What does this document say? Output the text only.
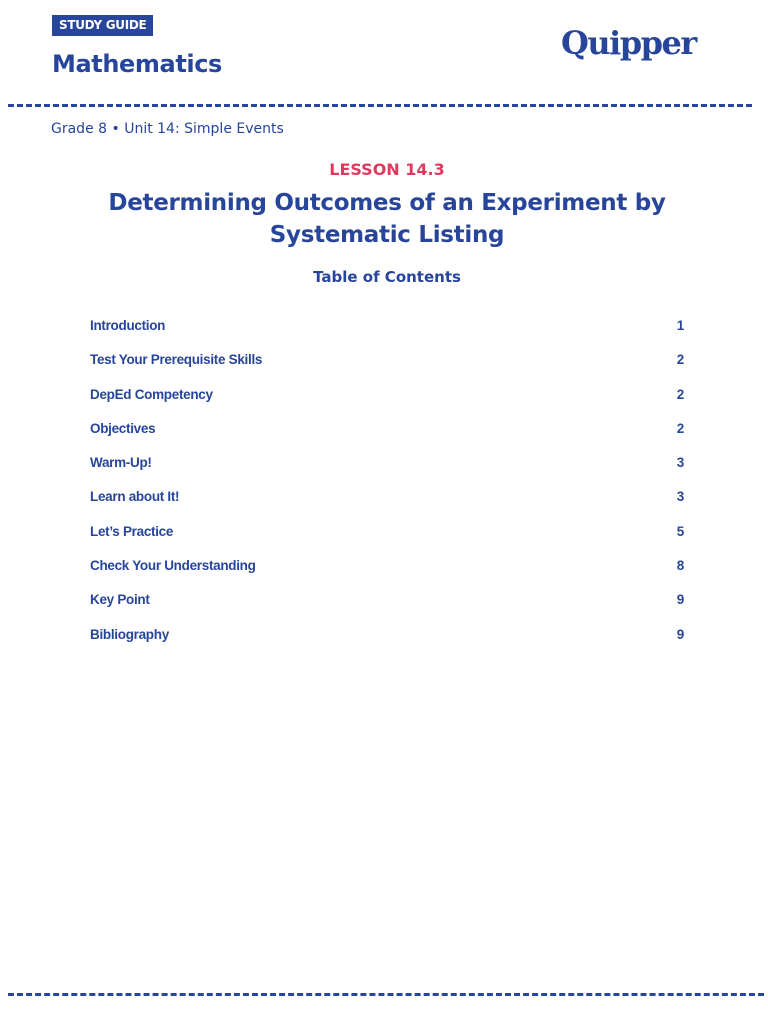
STUDY GUIDE
Mathematics
Quipper
Grade 8 • Unit 14: Simple Events
LESSON 14.3
Determining Outcomes of an Experiment by Systematic Listing
Table of Contents
Introduction	1
Test Your Prerequisite Skills	2
DepEd Competency	2
Objectives	2
Warm-Up!	3
Learn about It!	3
Let’s Practice	5
Check Your Understanding	8
Key Point	9
Bibliography	9
